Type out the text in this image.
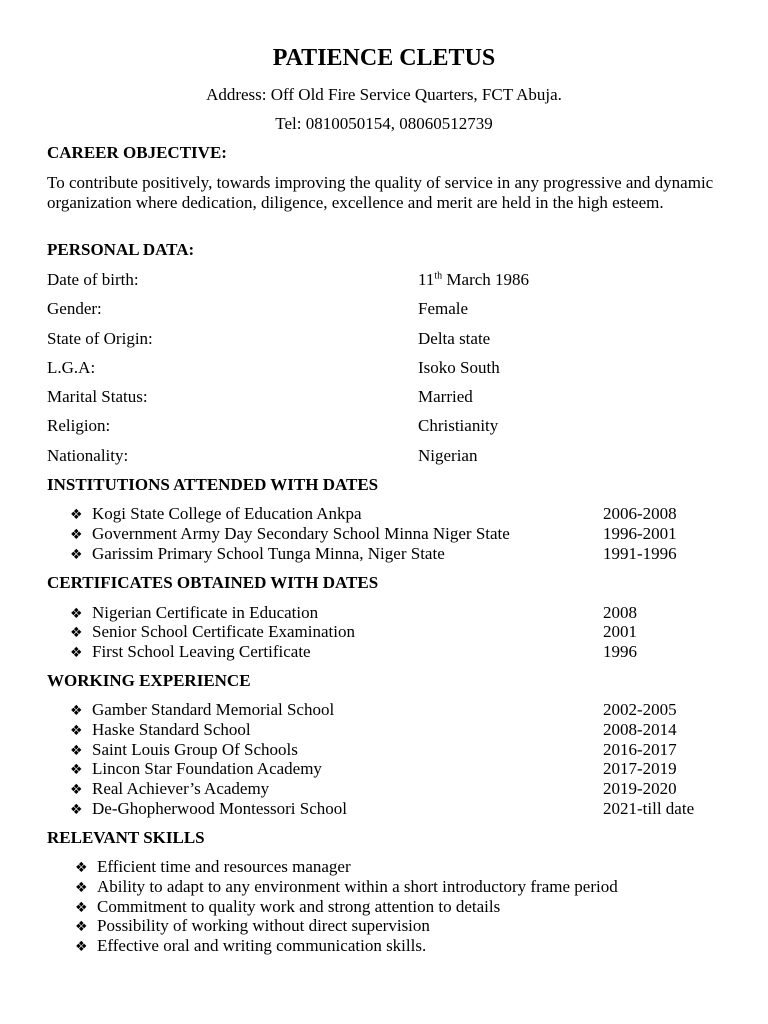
PATIENCE CLETUS
Address: Off Old Fire Service Quarters, FCT Abuja.
Tel: 0810050154, 08060512739
CAREER OBJECTIVE:
To contribute positively, towards improving the quality of service in any progressive and dynamic organization where dedication, diligence, excellence and merit are held in the high esteem.
PERSONAL DATA:
Date of birth:	11th March 1986
Gender:	Female
State of Origin:	Delta state
L.G.A:	Isoko South
Marital Status:	Married
Religion:	Christianity
Nationality:	Nigerian
INSTITUTIONS ATTENDED WITH DATES
❖ Kogi State College of Education Ankpa	2006-2008
❖ Government Army Day Secondary School Minna Niger State	1996-2001
❖ Garissim Primary School Tunga Minna, Niger State	1991-1996
CERTIFICATES OBTAINED WITH DATES
❖ Nigerian Certificate in Education	2008
❖ Senior School Certificate Examination	2001
❖ First School Leaving Certificate	1996
WORKING EXPERIENCE
❖ Gamber Standard Memorial School	2002-2005
❖ Haske Standard School	2008-2014
❖ Saint Louis Group Of Schools	2016-2017
❖ Lincon Star Foundation Academy	2017-2019
❖ Real Achiever’s Academy	2019-2020
❖ De-Ghopherwood Montessori School	2021-till date
RELEVANT SKILLS
❖ Efficient time and resources manager
❖ Ability to adapt to any environment within a short introductory frame period
❖ Commitment to quality work and strong attention to details
❖ Possibility of working without direct supervision
❖ Effective oral and writing communication skills.
